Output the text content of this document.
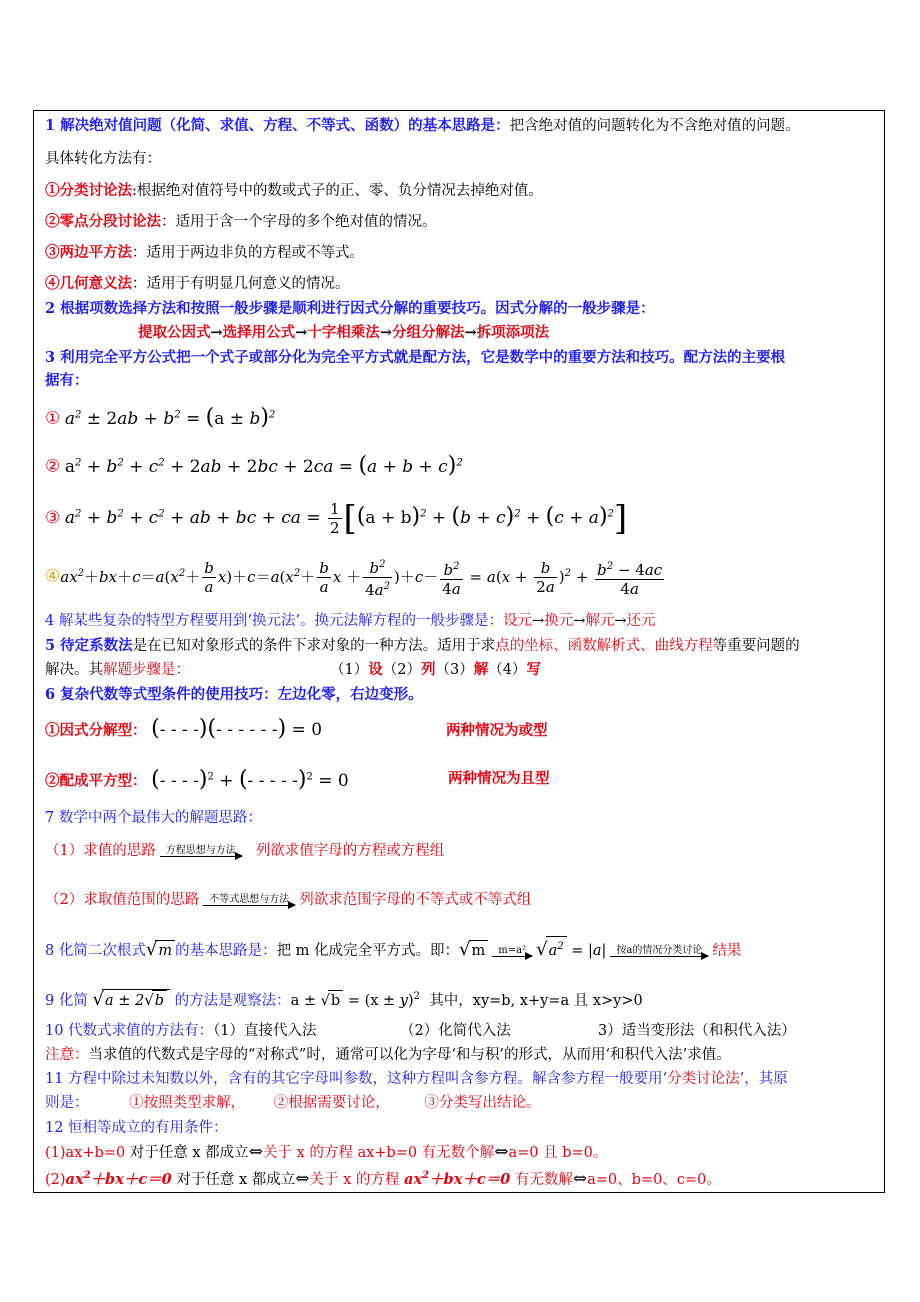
1 解决绝对值问题（化简、求值、方程、不等式、函数）的基本思路是：把含绝对值的问题转化为不含绝对值的问题。
具体转化方法有：
①分类讨论法:根据绝对值符号中的数或式子的正、零、负分情况去掉绝对值。
②零点分段讨论法：适用于含一个字母的多个绝对值的情况。
③两边平方法：适用于两边非负的方程或不等式。
④几何意义法：适用于有明显几何意义的情况。
2 根据项数选择方法和按照一般步骤是顺利进行因式分解的重要技巧。因式分解的一般步骤是：
提取公因式→选择用公式→十字相乘法→分组分解法→拆项添项法
3 利用完全平方公式把一个式子或部分化为完全平方式就是配方法，它是数学中的重要方法和技巧。配方法的主要根
据有：
① $a^2 \pm 2ab + b^2 = (a \pm b)^2$
② $a^2 + b^2 + c^2 + 2ab + 2bc + 2ca = (a + b + c)^2$
③ $a^2 + b^2 + c^2$ + ab + bc + ca = $\frac{1}{2} [(a + b)^2 + (b + c)^2 + (c + a)^2]$
$④ax^2+bx+c=a(x^2+ \frac{b}{a} x)+c=a(x^2+ \frac{b}{a}$ $x + \frac{b^2}{4a^2} )+c- \frac{b^2}{4a} = a(x + \frac{b}{2a} )^2 + \frac{b^2 - 4ac}{4a}$
4 解某些复杂的特型方程要用到‘换元法’。换元法解方程的一般步骤是：设元→换元→解元→还元
5 待定系数法是在已知对象形式的条件下求对象的一种方法。适用于求点的坐标、函数解析式、曲线方程等重要问题的
解决。其解题步骤是：	（1）设（2）列（3）解（4）写
6 复杂代数等式型条件的使用技巧：左边化零，右边变形。
①因式分解型： (- - - -)(- - - - - -) = 0	两种情况为或型
②配成平方型： (- - - -)$^2$ + (- - - - -)$^2$ = 0	两种情况为且型
7 数学中两个最伟大的解题思路：
（1）求值的思路	方程思想与方法	列欲求值字母的方程或方程组
（2）求取值范围的思路	不等式思想与方法 列欲求范围字母的不等式或不等式组
8 化简二次根式√m 的基本思路是：把 m 化成完全平方式。即：√m	m=a² $√a^2 = |a|$	按a的情况分类讨论 结果
9 化简 √a ± 2√b 的方法是观察法：$a \pm √b = (x \pm y)^2$ 其中，xy=b, x+y=a 且 x>y>0
10 代数式求值的方法有：（1）直接代入法	（2）化简代入法	3）适当变形法（和积代入法）
注意：当求值的代数式是字母的“对称式”时，通常可以化为字母‘和与积’的形式，从而用‘和积代入法’求值。
11 方程中除过未知数以外，含有的其它字母叫参数，这种方程叫含参方程。解含参方程一般要用‘分类讨论法’，其原
则是：	①按照类型求解， ②根据需要讨论， ③分类写出结论。
12 恒相等成立的有用条件：
(1)ax+b=0 对于任意 x 都成立⇔关于 x 的方程 ax+b=0 有无数个解⇔a=0 且 b=0。
$(2)ax^2+bx+c=0$ 对于任意 x 都成立⇔关于 x 的方程 $ax^2+bx+c=0$ 有无数解⇔a=0、b=0、c=0。
